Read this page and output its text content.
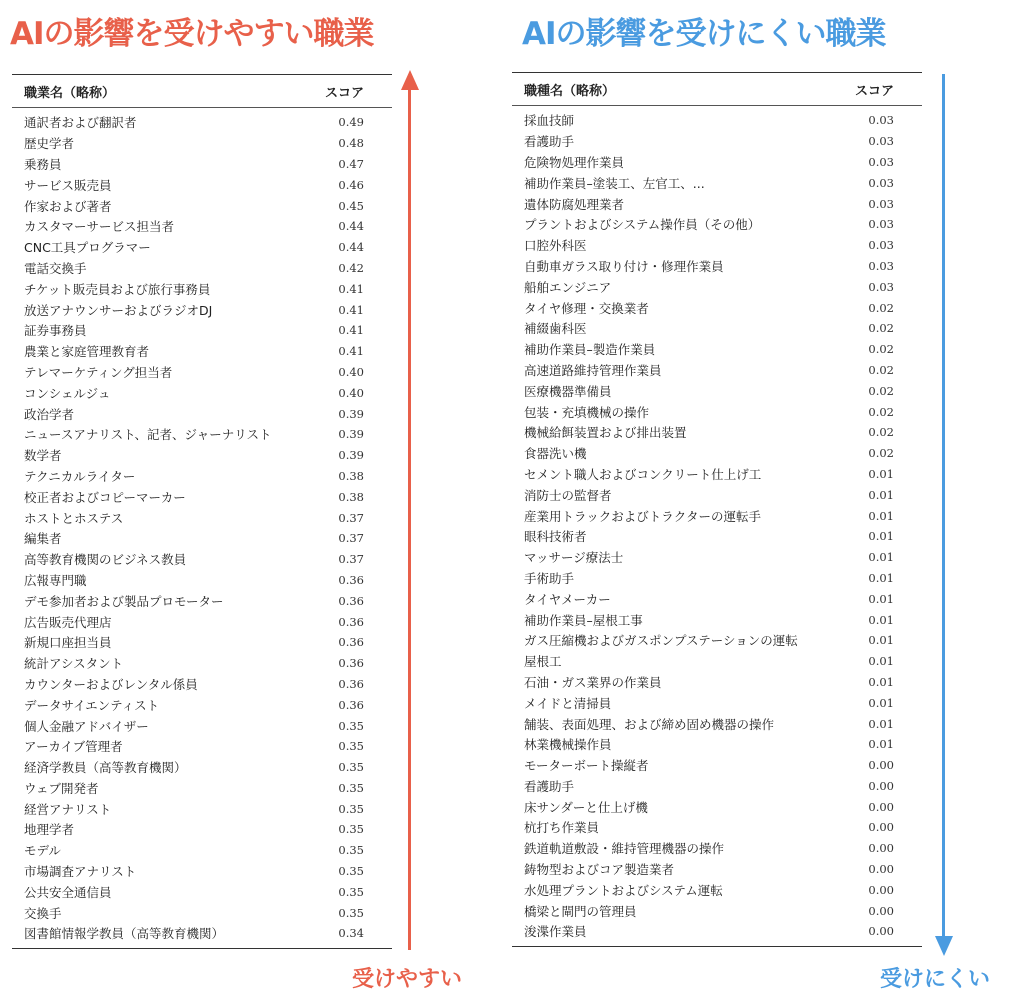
AIの影響を受けやすい職業	AIの影響を受けにくい職業
職業名（略称）	スコア
通訳者および翻訳者	0.49
歴史学者	0.48
乗務員	0.47
サービス販売員	0.46
作家および著者	0.45
カスタマーサービス担当者	0.44
CNC工具プログラマー	0.44
電話交換手	0.42
チケット販売員および旅行事務員	0.41
放送アナウンサーおよびラジオDJ	0.41
証券事務員	0.41
農業と家庭管理教育者	0.41
テレマーケティング担当者	0.40
コンシェルジュ	0.40
政治学者	0.39
ニュースアナリスト、記者、ジャーナリスト	0.39
数学者	0.39
テクニカルライター	0.38
校正者およびコピーマーカー	0.38
ホストとホステス	0.37
編集者	0.37
高等教育機関のビジネス教員	0.37
広報専門職	0.36
デモ参加者および製品プロモーター	0.36
広告販売代理店	0.36
新規口座担当員	0.36
統計アシスタント	0.36
カウンターおよびレンタル係員	0.36
データサイエンティスト	0.36
個人金融アドバイザー	0.35
アーカイブ管理者	0.35
経済学教員（高等教育機関）	0.35
ウェブ開発者	0.35
経営アナリスト	0.35
地理学者	0.35
モデル	0.35
市場調査アナリスト	0.35
公共安全通信員	0.35
交換手	0.35
図書館情報学教員（高等教育機関）	0.34
職種名（略称）	スコア
採血技師	0.03
看護助手	0.03
危険物処理作業員	0.03
補助作業員–塗装工、左官工、...	0.03
遺体防腐処理業者	0.03
プラントおよびシステム操作員（その他）	0.03
口腔外科医	0.03
自動車ガラス取り付け・修理作業員	0.03
船舶エンジニア	0.03
タイヤ修理・交換業者	0.02
補綴歯科医	0.02
補助作業員–製造作業員	0.02
高速道路維持管理作業員	0.02
医療機器準備員	0.02
包装・充填機械の操作	0.02
機械給餌装置および排出装置	0.02
食器洗い機	0.02
セメント職人およびコンクリート仕上げ工	0.01
消防士の監督者	0.01
産業用トラックおよびトラクターの運転手	0.01
眼科技術者	0.01
マッサージ療法士	0.01
手術助手	0.01
タイヤメーカー	0.01
補助作業員–屋根工事	0.01
ガス圧縮機およびガスポンプステーションの運転	0.01
屋根工	0.01
石油・ガス業界の作業員	0.01
メイドと清掃員	0.01
舗装、表面処理、および締め固め機器の操作	0.01
林業機械操作員	0.01
モーターボート操縦者	0.00
看護助手	0.00
床サンダーと仕上げ機	0.00
杭打ち作業員	0.00
鉄道軌道敷設・維持管理機器の操作	0.00
鋳物型およびコア製造業者	0.00
水処理プラントおよびシステム運転	0.00
橋梁と閘門の管理員	0.00
浚渫作業員	0.00
受けやすい	受けにくい
